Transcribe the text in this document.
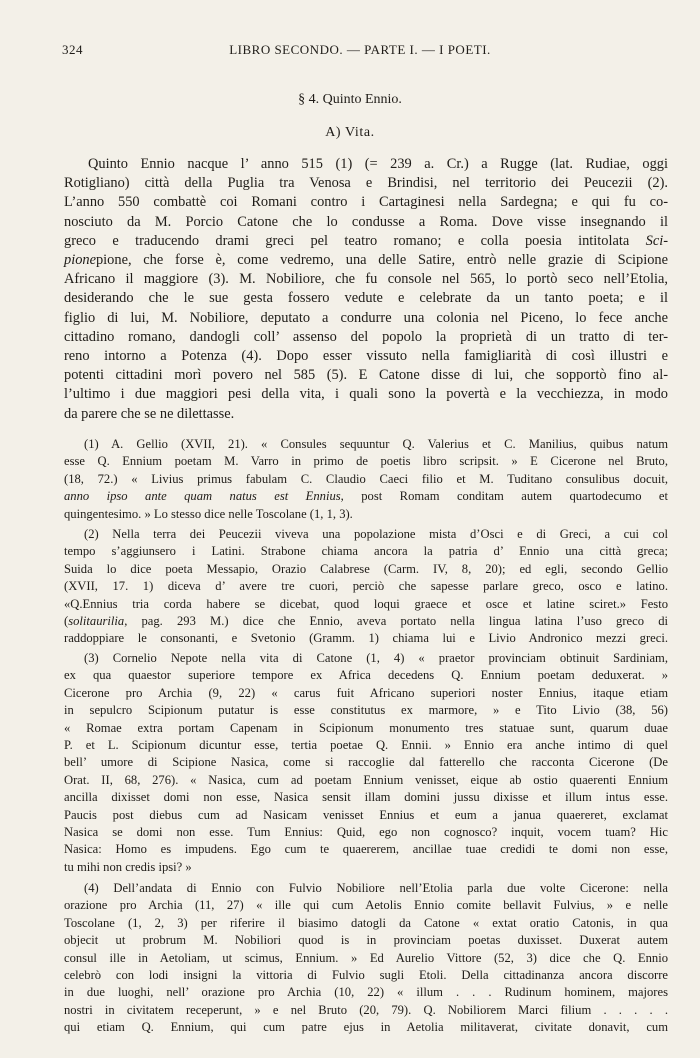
324	LIBRO SECONDO. — PARTE I. — I POETI.
§ 4. Quinto Ennio.
A) Vita.
Quinto Ennio nacque l’ anno 515 (1) (= 239 a. Cr.) a Rugge (lat. Rudiae, oggi
Rotigliano) città della Puglia tra Venosa e Brindisi, nel territorio dei Peucezii (2).
L’anno 550 combattè coi Romani contro i Cartaginesi nella Sardegna; e qui fu co-
nosciuto da M. Porcio Catone che lo condusse a Roma. Dove visse insegnando il
greco e traducendo drami greci pel teatro romano; e colla poesia intitolata Sci-
pionepione, che forse è, come vedremo, una delle Satire, entrò nelle grazie di Scipione
Africano il maggiore (3). M. Nobiliore, che fu console nel 565, lo portò seco nell’Etolia,
desiderando che le sue gesta fossero vedute e celebrate da un tanto poeta; e il
figlio di lui, M. Nobiliore, deputato a condurre una colonia nel Piceno, lo fece anche
cittadino romano, dandogli coll’ assenso del popolo la proprietà di un tratto di ter-
reno intorno a Potenza (4). Dopo esser vissuto nella famigliarità di così illustri e
potenti cittadini morì povero nel 585 (5). E Catone disse di lui, che sopportò fino al-
l’ultimo i due maggiori pesi della vita, i quali sono la povertà e la vecchiezza, in modo
da parere che se ne dilettasse.
(1) A. Gellio (XVII, 21). « Consules sequuntur Q. Valerius et C. Manilius, quibus natum
esse Q. Ennium poetam M. Varro in primo de poetis libro scripsit. » E Cicerone nel Bruto,
(18, 72.) « Livius primus fabulam C. Claudio Caeci filio et M. Tuditano consulibus docuit,
anno ipso ante quam natus est Ennius, post Romam conditam autem quartodecumo et
quingentesimo. » Lo stesso dice nelle Toscolane (1, 1, 3).
(2) Nella terra dei Peucezii viveva una popolazione mista d’Osci e di Greci, a cui col
tempo s’aggiunsero i Latini. Strabone chiama ancora la patria d’ Ennio una città greca;
Suida lo dice poeta Messapio, Orazio Calabrese (Carm. IV, 8, 20); ed egli, secondo Gellio
(XVII, 17. 1) diceva d’ avere tre cuori, perciò che sapesse parlare greco, osco e latino.
«Q.Ennius tria corda habere se dicebat, quod loqui graece et osce et latine sciret.» Festo
(solitaurilia, pag. 293 M.) dice che Ennio, aveva portato nella lingua latina l’uso greco di
raddoppiare le consonanti, e Svetonio (Gramm. 1) chiama lui e Livio Andronico mezzi greci.
(3) Cornelio Nepote nella vita di Catone (1, 4) « praetor provinciam obtinuit Sardiniam,
ex qua quaestor superiore tempore ex Africa decedens Q. Ennium poetam deduxerat. »
Cicerone pro Archia (9, 22) « carus fuit Africano superiori noster Ennius, itaque etiam
in sepulcro Scipionum putatur is esse constitutus ex marmore, » e Tito Livio (38, 56)
« Romae extra portam Capenam in Scipionum monumento tres statuae sunt, quarum duae
P. et L. Scipionum dicuntur esse, tertia poetae Q. Ennii. » Ennio era anche intimo di quel
bell’ umore di Scipione Nasica, come si raccoglie dal fatterello che racconta Cicerone (De
Orat. II, 68, 276). « Nasica, cum ad poetam Ennium venisset, eique ab ostio quaerenti Ennium
ancilla dixisset domi non esse, Nasica sensit illam domini jussu dixisse et illum intus esse.
Paucis post diebus cum ad Nasicam venisset Ennius et eum a janua quaereret, exclamat
Nasica se domi non esse. Tum Ennius: Quid, ego non cognosco? inquit, vocem tuam? Hic
Nasica: Homo es impudens. Ego cum te quaererem, ancillae tuae credidi te domi non esse,
tu mihi non credis ipsi? »
(4) Dell’andata di Ennio con Fulvio Nobiliore nell’Etolia parla due volte Cicerone: nella
orazione pro Archia (11, 27) « ille qui cum Aetolis Ennio comite bellavit Fulvius, » e nelle
Toscolane (1, 2, 3) per riferire il biasimo datogli da Catone « extat oratio Catonis, in qua
objecit ut probrum M. Nobiliori quod is in provinciam poetas duxisset. Duxerat autem
consul ille in Aetoliam, ut scimus, Ennium. » Ed Aurelio Vittore (52, 3) dice che Q. Ennio
celebrò con lodi insigni la vittoria di Fulvio sugli Etoli. Della cittadinanza ancora discorre
in due luoghi, nell’ orazione pro Archia (10, 22) « illum . . . Rudinum hominem, majores
nostri in civitatem receperunt, » e nel Bruto (20, 79). Q. Nobiliorem Marci filium . . . . .
qui etiam Q. Ennium, qui cum patre ejus in Aetolia militaverat, civitate donavit, cum
